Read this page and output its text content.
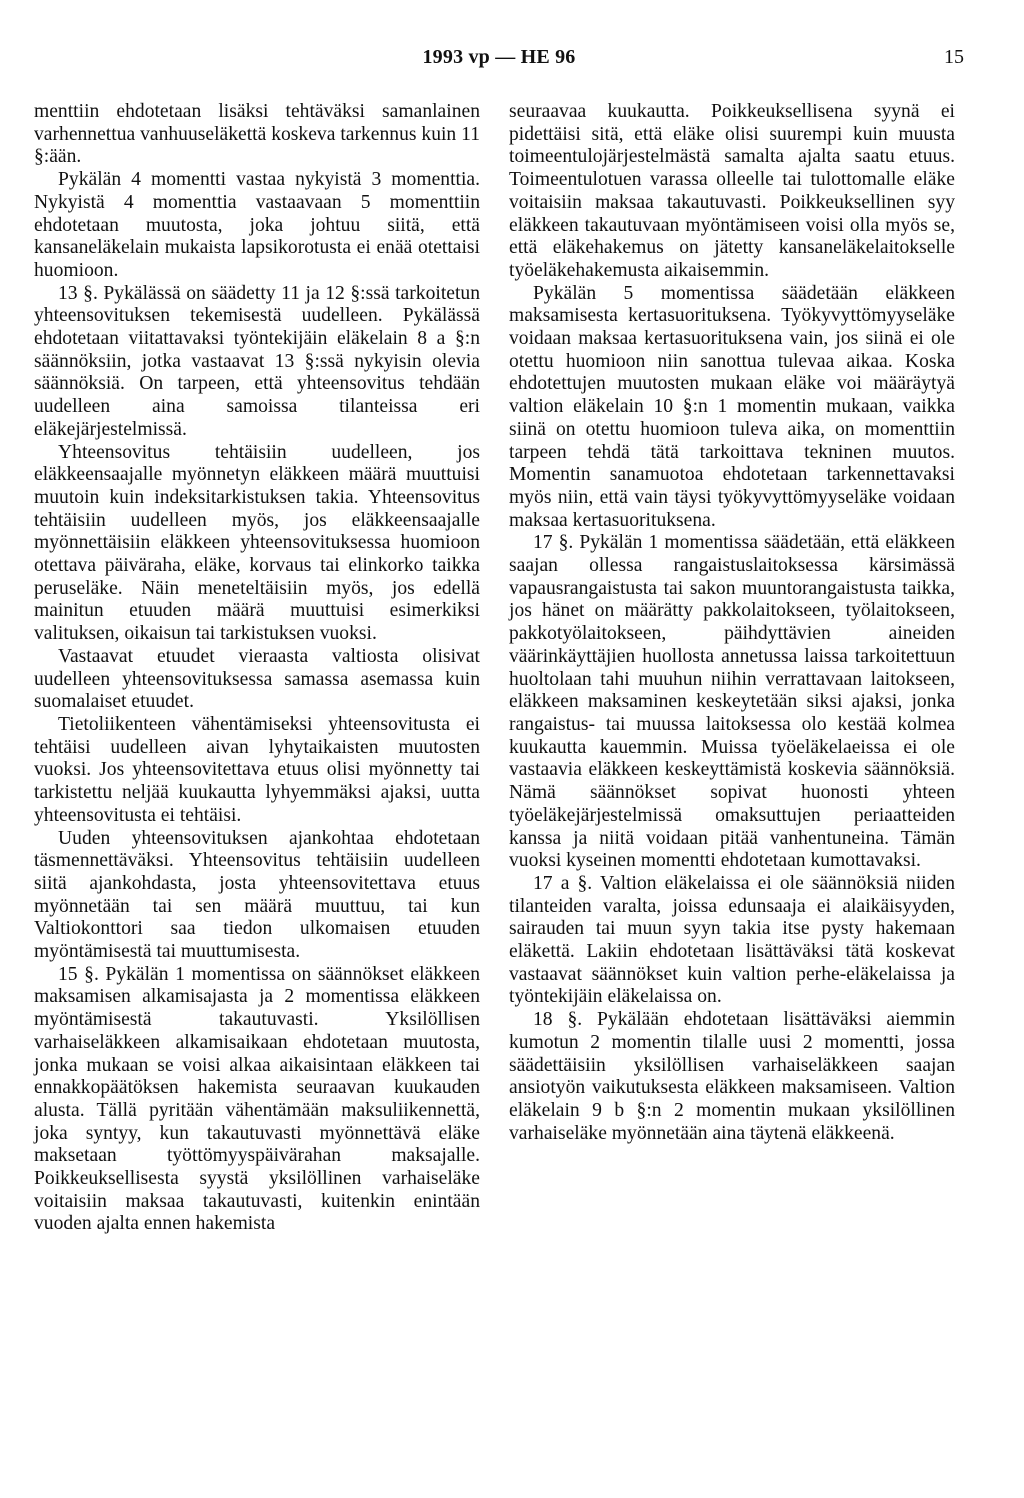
1993 vp — HE 96	15

menttiin ehdotetaan lisäksi tehtäväksi samanlainen varhennettua vanhuuseläkettä koskeva tarkennus kuin 11 §:ään.

Pykälän 4 momentti vastaa nykyistä 3 momenttia. Nykyistä 4 momenttia vastaavaan 5 momenttiin ehdotetaan muutosta, joka johtuu siitä, että kansaneläkelain mukaista lapsikorotusta ei enää otettaisi huomioon.

13 §. Pykälässä on säädetty 11 ja 12 §:ssä tarkoitetun yhteensovituksen tekemisestä uudelleen. Pykälässä ehdotetaan viitattavaksi työntekijäin eläkelain 8 a §:n säännöksiin, jotka vastaavat 13 §:ssä nykyisin olevia säännöksiä. On tarpeen, että yhteensovitus tehdään uudelleen aina samoissa tilanteissa eri eläkejärjestelmissä.

Yhteensovitus tehtäisiin uudelleen, jos eläkkeensaajalle myönnetyn eläkkeen määrä muuttuisi muutoin kuin indeksitarkistuksen takia. Yhteensovitus tehtäisiin uudelleen myös, jos eläkkeensaajalle myönnettäisiin eläkkeen yhteensovituksessa huomioon otettava päiväraha, eläke, korvaus tai elinkorko taikka peruseläke. Näin meneteltäisiin myös, jos edellä mainitun etuuden määrä muuttuisi esimerkiksi valituksen, oikaisun tai tarkistuksen vuoksi.

Vastaavat etuudet vieraasta valtiosta olisivat uudelleen yhteensovituksessa samassa asemassa kuin suomalaiset etuudet.

Tietoliikenteen vähentämiseksi yhteensovitusta ei tehtäisi uudelleen aivan lyhytaikaisten muutosten vuoksi. Jos yhteensovitettava etuus olisi myönnetty tai tarkistettu neljää kuukautta lyhyemmäksi ajaksi, uutta yhteensovitusta ei tehtäisi.

Uuden yhteensovituksen ajankohtaa ehdotetaan täsmennettäväksi. Yhteensovitus tehtäisiin uudelleen siitä ajankohdasta, josta yhteensovitettava etuus myönnetään tai sen määrä muuttuu, tai kun Valtiokonttori saa tiedon ulkomaisen etuuden myöntämisestä tai muuttumisesta.

15 §. Pykälän 1 momentissa on säännökset eläkkeen maksamisen alkamisajasta ja 2 momentissa eläkkeen myöntämisestä takautuvasti. Yksilöllisen varhaiseläkkeen alkamisaikaan ehdotetaan muutosta, jonka mukaan se voisi alkaa aikaisintaan eläkkeen tai ennakkopäätöksen hakemista seuraavan kuukauden alusta. Tällä pyritään vähentämään maksuliikennettä, joka syntyy, kun takautuvasti myönnettävä eläke maksetaan työttömyyspäivärahan maksajalle. Poikkeuksellisesta syystä yksilöllinen varhaiseläke voitaisiin maksaa takautuvasti, kuitenkin enintään vuoden ajalta ennen hakemista

seuraavaa kuukautta. Poikkeuksellisena syynä ei pidettäisi sitä, että eläke olisi suurempi kuin muusta toimeentulojärjestelmästä samalta ajalta saatu etuus. Toimeentulotuen varassa olleelle tai tulottomalle eläke voitaisiin maksaa takautuvasti. Poikkeuksellinen syy eläkkeen takautuvaan myöntämiseen voisi olla myös se, että eläkehakemus on jätetty kansaneläkelaitokselle työeläkehakemusta aikaisemmin.

Pykälän 5 momentissa säädetään eläkkeen maksamisesta kertasuorituksena. Työkyvyttömyyseläke voidaan maksaa kertasuorituksena vain, jos siinä ei ole otettu huomioon niin sanottua tulevaa aikaa. Koska ehdotettujen muutosten mukaan eläke voi määräytyä valtion eläkelain 10 §:n 1 momentin mukaan, vaikka siinä on otettu huomioon tuleva aika, on momenttiin tarpeen tehdä tätä tarkoittava tekninen muutos. Momentin sanamuotoa ehdotetaan tarkennettavaksi myös niin, että vain täysi työkyvyttömyyseläke voidaan maksaa kertasuorituksena.

17 §. Pykälän 1 momentissa säädetään, että eläkkeen saajan ollessa rangaistuslaitoksessa kärsimässä vapausrangaistusta tai sakon muuntorangaistusta taikka, jos hänet on määrätty pakkolaitokseen, työlaitokseen, pakkotyölaitokseen, päihdyttävien aineiden väärinkäyttäjien huollosta annetussa laissa tarkoitettuun huoltolaan tahi muuhun niihin verrattavaan laitokseen, eläkkeen maksaminen keskeytetään siksi ajaksi, jonka rangaistus- tai muussa laitoksessa olo kestää kolmea kuukautta kauemmin. Muissa työeläkelaeissa ei ole vastaavia eläkkeen keskeyttämistä koskevia säännöksiä. Nämä säännökset sopivat huonosti yhteen työeläkejärjestelmissä omaksuttujen periaatteiden kanssa ja niitä voidaan pitää vanhentuneina. Tämän vuoksi kyseinen momentti ehdotetaan kumottavaksi.

17 a §. Valtion eläkelaissa ei ole säännöksiä niiden tilanteiden varalta, joissa edunsaaja ei alaikäisyyden, sairauden tai muun syyn takia itse pysty hakemaan eläkettä. Lakiin ehdotetaan lisättäväksi tätä koskevat vastaavat säännökset kuin valtion perhe-eläkelaissa ja työntekijäin eläkelaissa on.

18 §. Pykälään ehdotetaan lisättäväksi aiemmin kumotun 2 momentin tilalle uusi 2 momentti, jossa säädettäisiin yksilöllisen varhaiseläkkeen saajan ansiotyön vaikutuksesta eläkkeen maksamiseen. Valtion eläkelain 9 b §:n 2 momentin mukaan yksilöllinen varhaiseläke myönnetään aina täytenä eläkkeenä.
